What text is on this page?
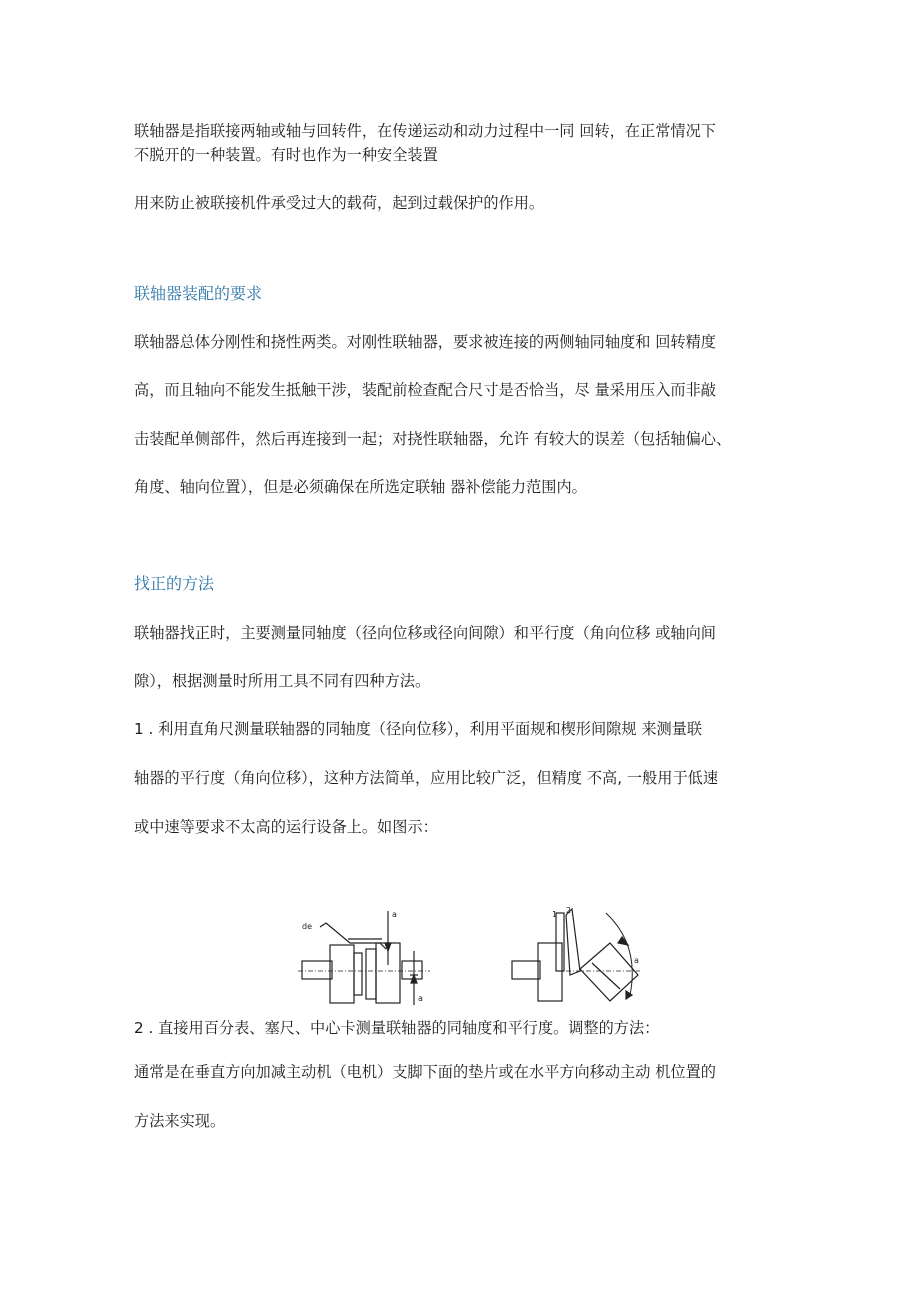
联轴器是指联接两轴或轴与回转件，在传递运动和动力过程中一同 回转，在正常情况下
不脱开的一种装置。有时也作为一种安全装置
用来防止被联接机件承受过大的载荷，起到过载保护的作用。
联轴器装配的要求
联轴器总体分刚性和挠性两类。对刚性联轴器，要求被连接的两侧轴同轴度和 回转精度
高，而且轴向不能发生抵触干涉，装配前检查配合尺寸是否恰当，尽 量采用压入而非敲
击装配单侧部件，然后再连接到一起；对挠性联轴器，允许 有较大的误差（包括轴偏心、
角度、轴向位置），但是必须确保在所选定联轴 器补偿能力范围内。
找正的方法
联轴器找正时，主要测量同轴度（径向位移或径向间隙）和平行度（角向位移 或轴向间
隙），根据测量时所用工具不同有四种方法。
1 . 利用直角尺测量联轴器的同轴度（径向位移），利用平面规和楔形间隙规 来测量联
轴器的平行度（角向位移），这种方法简单，应用比较广泛，但精度 不高, 一般用于低速
或中速等要求不太高的运行设备上。如图示：
de
a
a
1 2
a
2 . 直接用百分表、塞尺、中心卡测量联轴器的同轴度和平行度。调整的方法：
通常是在垂直方向加减主动机（电机）支脚下面的垫片或在水平方向移动主动 机位置的
方法来实现。
